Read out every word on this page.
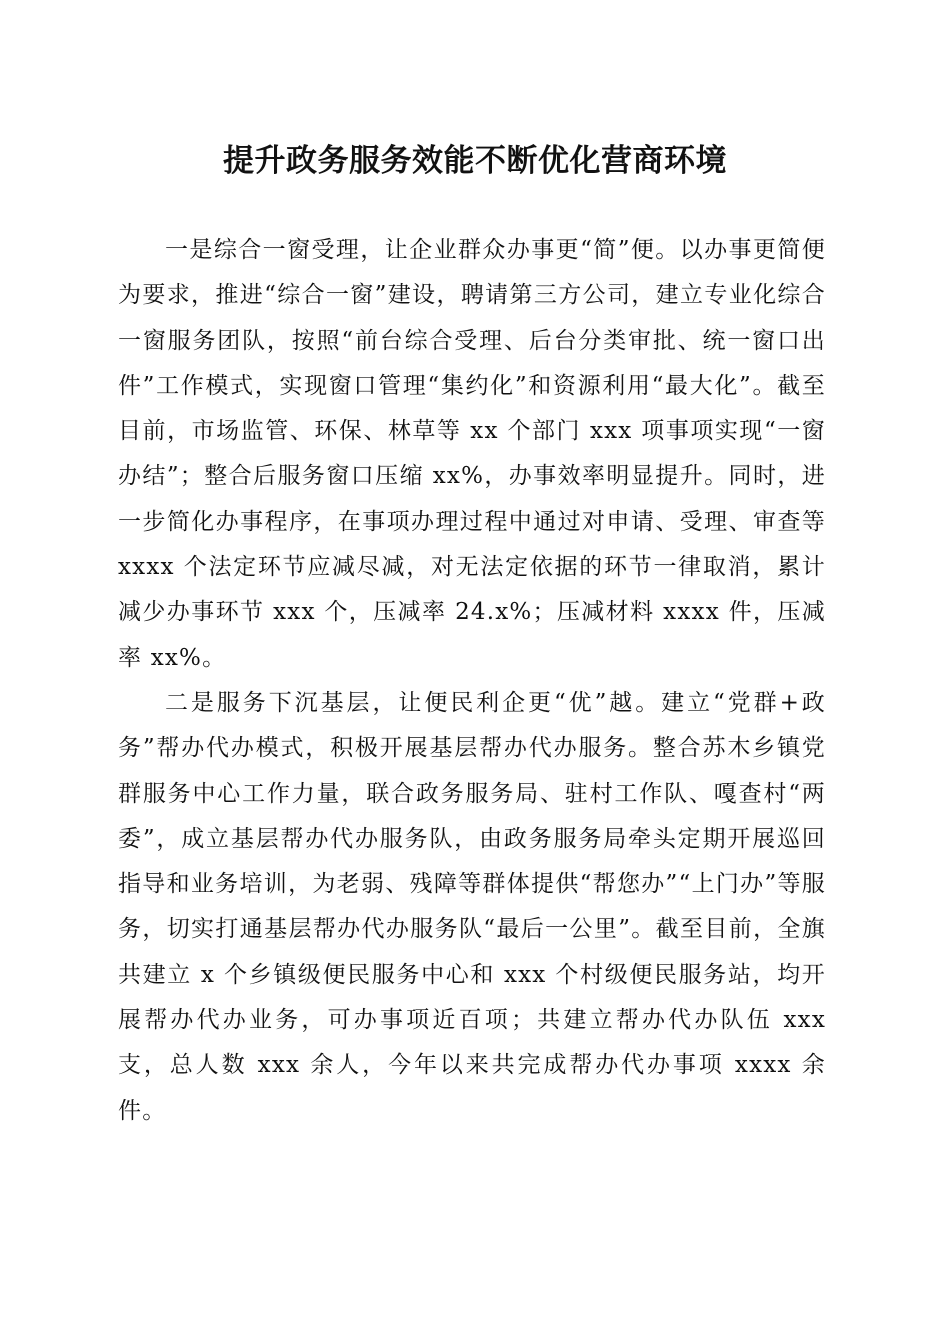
提升政务服务效能不断优化营商环境

一是综合一窗受理，让企业群众办事更“简”便。以办事更简便为要求，推进“综合一窗”建设，聘请第三方公司，建立专业化综合一窗服务团队，按照“前台综合受理、后台分类审批、统一窗口出件”工作模式，实现窗口管理“集约化”和资源利用“最大化”。截至目前，市场监管、环保、林草等 xx 个部门 xxx 项事项实现“一窗办结”；整合后服务窗口压缩 xx%，办事效率明显提升。同时，进一步简化办事程序，在事项办理过程中通过对申请、受理、审查等 xxxx 个法定环节应减尽减，对无法定依据的环节一律取消，累计减少办事环节 xxx 个，压减率 24.x%；压减材料 xxxx 件，压减率 xx%。

二是服务下沉基层，让便民利企更“优”越。建立“党群+政务”帮办代办模式，积极开展基层帮办代办服务。整合苏木乡镇党群服务中心工作力量，联合政务服务局、驻村工作队、嘎查村“两委”，成立基层帮办代办服务队，由政务服务局牵头定期开展巡回指导和业务培训，为老弱、残障等群体提供“帮您办”“上门办”等服务，切实打通基层帮办代办服务队“最后一公里”。截至目前，全旗共建立 x 个乡镇级便民服务中心和 xxx 个村级便民服务站，均开展帮办代办业务，可办事项近百项；共建立帮办代办队伍 xxx 支，总人数 xxx 余人，今年以来共完成帮办代办事项 xxxx 余件。
